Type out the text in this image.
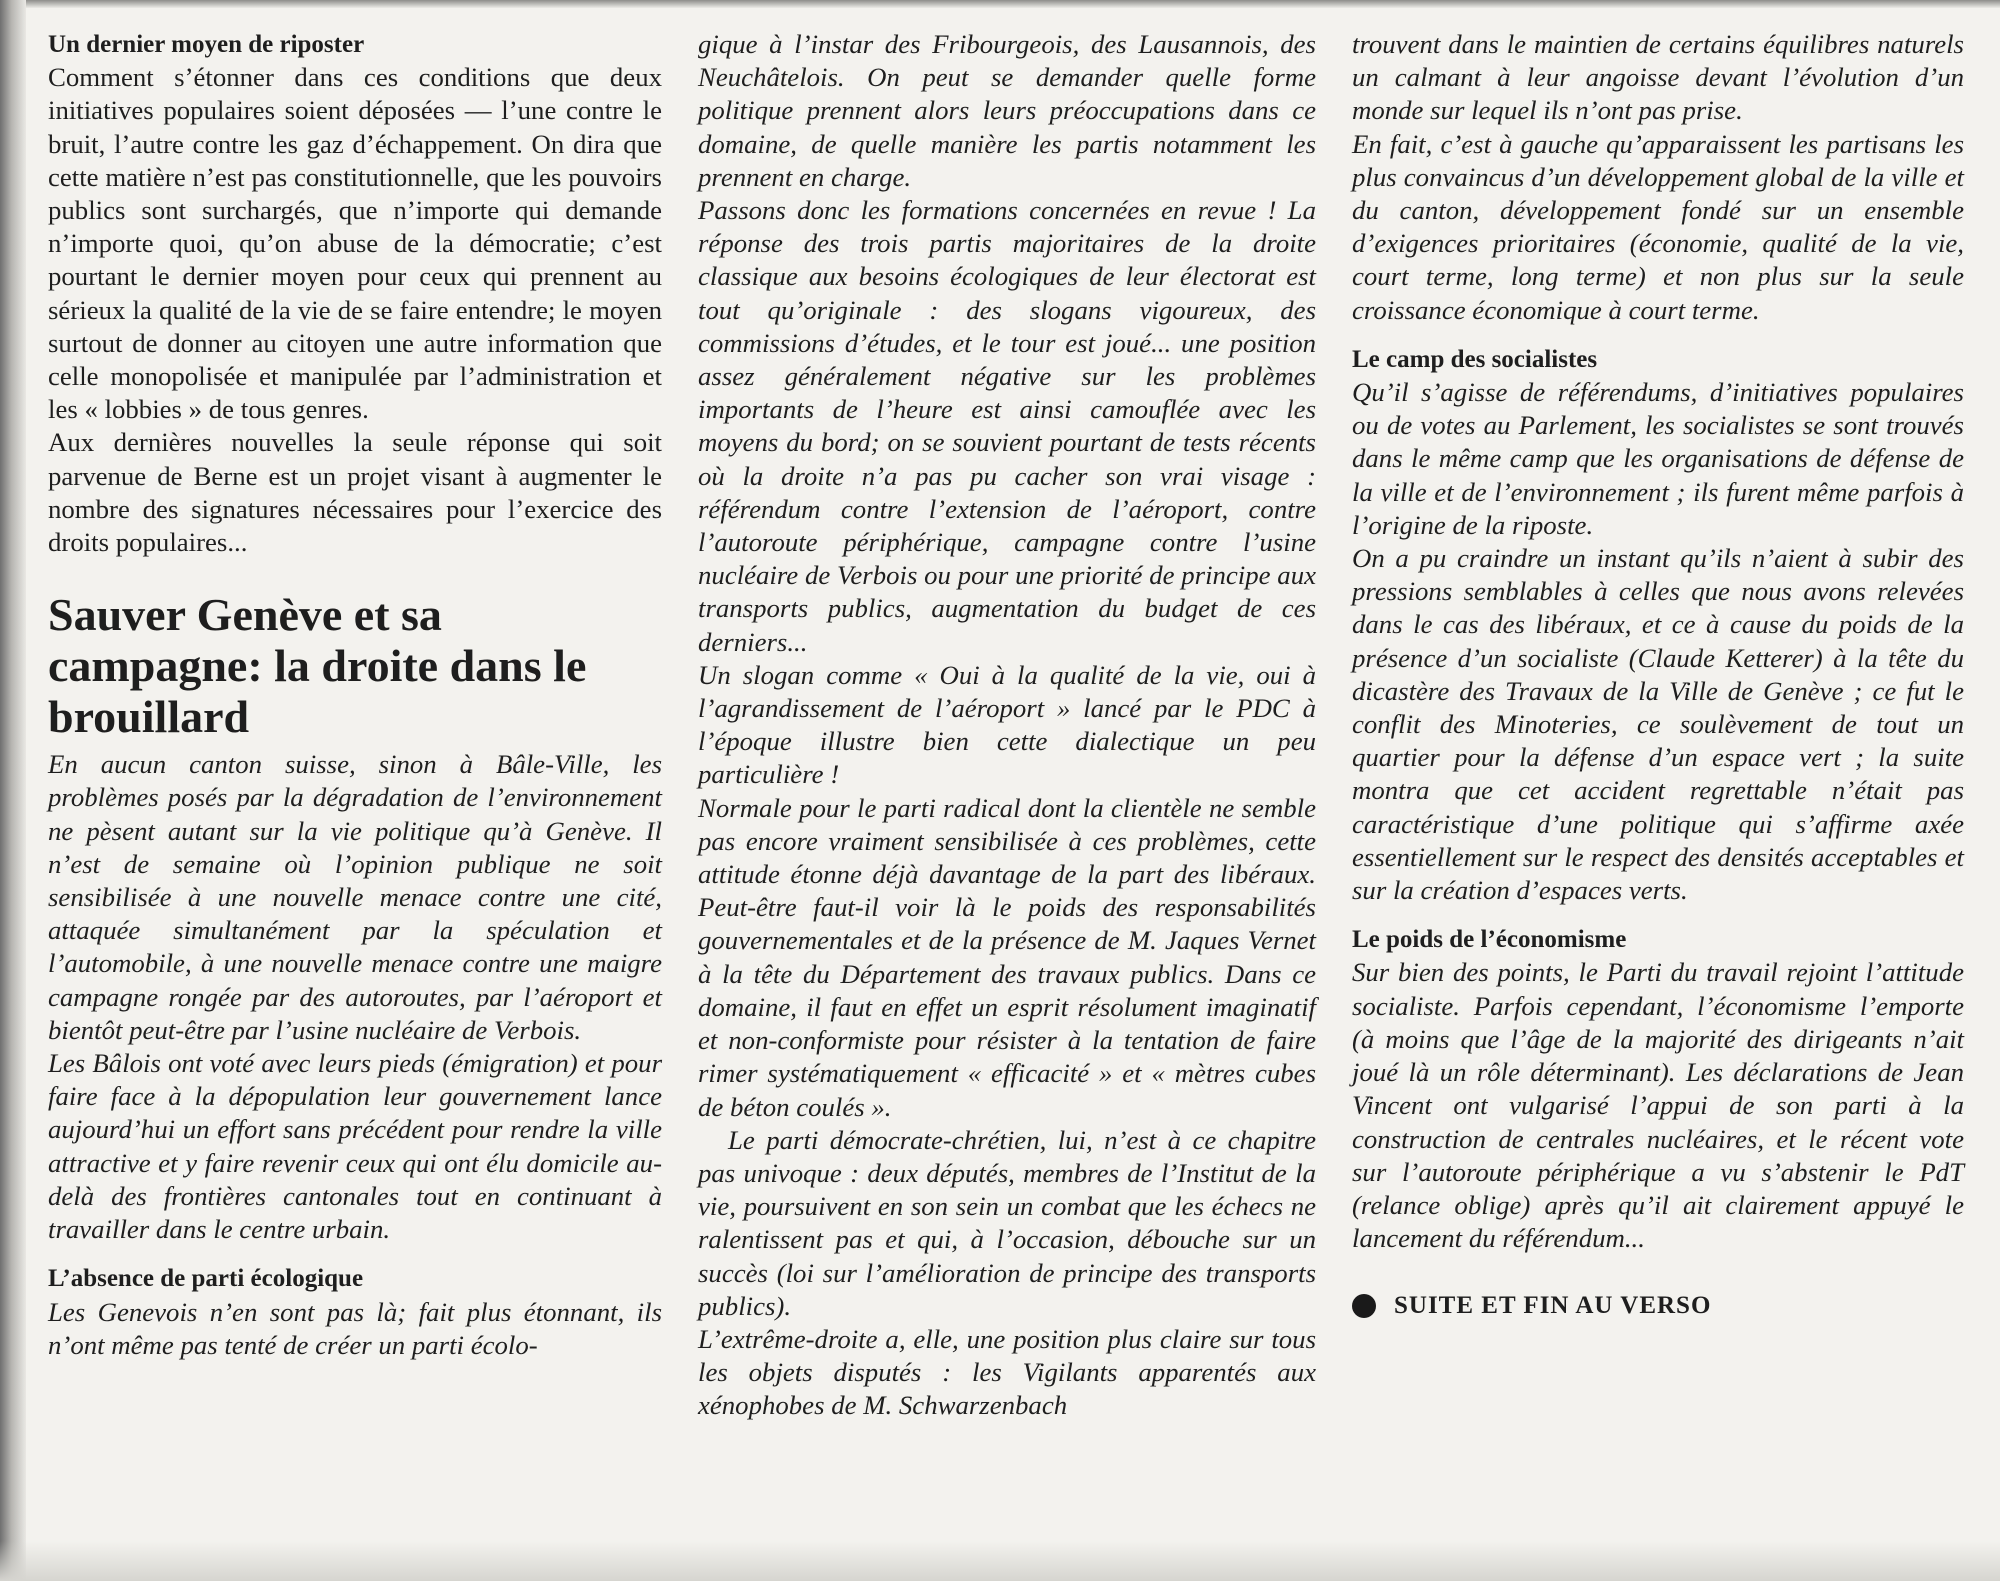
Un dernier moyen de riposter

Comment s’étonner dans ces conditions que deux initiatives populaires soient déposées — l’une contre le bruit, l’autre contre les gaz d’échappement. On dira que cette matière n’est pas constitutionnelle, que les pouvoirs publics sont surchargés, que n’importe qui demande n’importe quoi, qu’on abuse de la démocratie; c’est pourtant le dernier moyen pour ceux qui prennent au sérieux la qualité de la vie de se faire entendre; le moyen surtout de donner au citoyen une autre information que celle monopolisée et manipulée par l’administration et les « lobbies » de tous genres.

Aux dernières nouvelles la seule réponse qui soit parvenue de Berne est un projet visant à augmenter le nombre des signatures nécessaires pour l’exercice des droits populaires...

Sauver Genève et sa campagne: la droite dans le brouillard

En aucun canton suisse, sinon à Bâle-Ville, les problèmes posés par la dégradation de l’environnement ne pèsent autant sur la vie politique qu’à Genève. Il n’est de semaine où l’opinion publique ne soit sensibilisée à une nouvelle menace contre une cité, attaquée simultanément par la spéculation et l’automobile, à une nouvelle menace contre une maigre campagne rongée par des autoroutes, par l’aéroport et bientôt peut-être par l’usine nucléaire de Verbois.

Les Bâlois ont voté avec leurs pieds (émigration) et pour faire face à la dépopulation leur gouvernement lance aujourd’hui un effort sans précédent pour rendre la ville attractive et y faire revenir ceux qui ont élu domicile au-delà des frontières cantonales tout en continuant à travailler dans le centre urbain.

L’absence de parti écologique

Les Genevois n’en sont pas là; fait plus étonnant, ils n’ont même pas tenté de créer un parti écolo-

gique à l’instar des Fribourgeois, des Lausannois, des Neuchâtelois. On peut se demander quelle forme politique prennent alors leurs préoccupations dans ce domaine, de quelle manière les partis notamment les prennent en charge.

Passons donc les formations concernées en revue ! La réponse des trois partis majoritaires de la droite classique aux besoins écologiques de leur électorat est tout qu’originale : des slogans vigoureux, des commissions d’études, et le tour est joué... une position assez généralement négative sur les problèmes importants de l’heure est ainsi camouflée avec les moyens du bord; on se souvient pourtant de tests récents où la droite n’a pas pu cacher son vrai visage : référendum contre l’extension de l’aéroport, contre l’autoroute périphérique, campagne contre l’usine nucléaire de Verbois ou pour une priorité de principe aux transports publics, augmentation du budget de ces derniers...

Un slogan comme « Oui à la qualité de la vie, oui à l’agrandissement de l’aéroport » lancé par le PDC à l’époque illustre bien cette dialectique un peu particulière !

Normale pour le parti radical dont la clientèle ne semble pas encore vraiment sensibilisée à ces problèmes, cette attitude étonne déjà davantage de la part des libéraux. Peut-être faut-il voir là le poids des responsabilités gouvernementales et de la présence de M. Jaques Vernet à la tête du Département des travaux publics. Dans ce domaine, il faut en effet un esprit résolument imaginatif et non-conformiste pour résister à la tentation de faire rimer systématiquement « efficacité » et « mètres cubes de béton coulés ».

Le parti démocrate-chrétien, lui, n’est à ce chapitre pas univoque : deux députés, membres de l’Institut de la vie, poursuivent en son sein un combat que les échecs ne ralentissent pas et qui, à l’occasion, débouche sur un succès (loi sur l’amélioration de principe des transports publics).

L’extrême-droite a, elle, une position plus claire sur tous les objets disputés : les Vigilants apparentés aux xénophobes de M. Schwarzenbach

trouvent dans le maintien de certains équilibres naturels un calmant à leur angoisse devant l’évolution d’un monde sur lequel ils n’ont pas prise.

En fait, c’est à gauche qu’apparaissent les partisans les plus convaincus d’un développement global de la ville et du canton, développement fondé sur un ensemble d’exigences prioritaires (économie, qualité de la vie, court terme, long terme) et non plus sur la seule croissance économique à court terme.

Le camp des socialistes

Qu’il s’agisse de référendums, d’initiatives populaires ou de votes au Parlement, les socialistes se sont trouvés dans le même camp que les organisations de défense de la ville et de l’environnement ; ils furent même parfois à l’origine de la riposte.

On a pu craindre un instant qu’ils n’aient à subir des pressions semblables à celles que nous avons relevées dans le cas des libéraux, et ce à cause du poids de la présence d’un socialiste (Claude Ketterer) à la tête du dicastère des Travaux de la Ville de Genève ; ce fut le conflit des Minoteries, ce soulèvement de tout un quartier pour la défense d’un espace vert ; la suite montra que cet accident regrettable n’était pas caractéristique d’une politique qui s’affirme axée essentiellement sur le respect des densités acceptables et sur la création d’espaces verts.

Le poids de l’économisme

Sur bien des points, le Parti du travail rejoint l’attitude socialiste. Parfois cependant, l’économisme l’emporte (à moins que l’âge de la majorité des dirigeants n’ait joué là un rôle déterminant). Les déclarations de Jean Vincent ont vulgarisé l’appui de son parti à la construction de centrales nucléaires, et le récent vote sur l’autoroute périphérique a vu s’abstenir le PdT (relance oblige) après qu’il ait clairement appuyé le lancement du référendum...

SUITE ET FIN AU VERSO
